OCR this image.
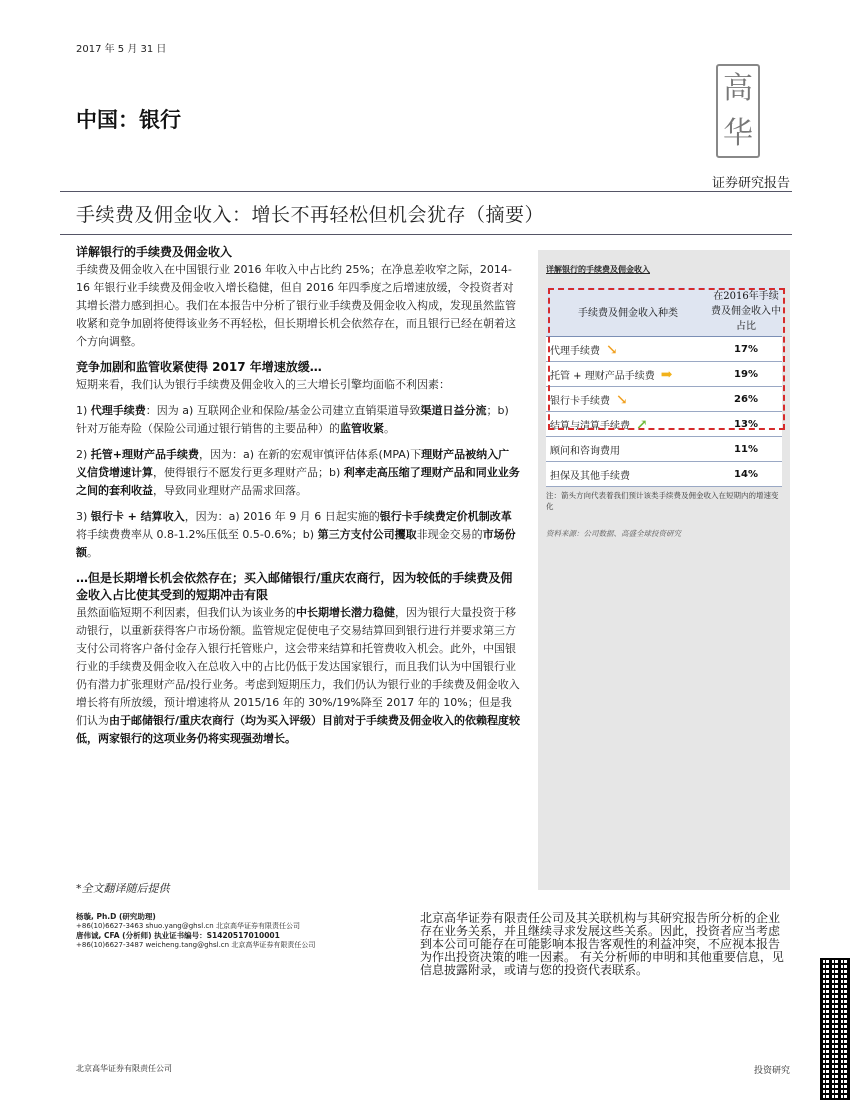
2017 年 5 月 31 日
高
华
中国：银行
证券研究报告
手续费及佣金收入：增长不再轻松但机会犹存（摘要）
详解银行的手续费及佣金收入

手续费及佣金收入在中国银行业 2016 年收入中占比约 25%；在净息差收窄之际，2014-16 年银行业手续费及佣金收入增长稳健，但自 2016 年四季度之后增速放缓，令投资者对其增长潜力感到担心。我们在本报告中分析了银行业手续费及佣金收入构成，发现虽然监管收紧和竞争加剧将使得该业务不再轻松，但长期增长机会依然存在，而且银行已经在朝着这个方向调整。

竞争加剧和监管收紧使得 2017 年增速放缓…

短期来看，我们认为银行手续费及佣金收入的三大增长引擎均面临不利因素：

1) 代理手续费：因为 a) 互联网企业和保险/基金公司建立直销渠道导致渠道日益分流；b) 针对万能寿险（保险公司通过银行销售的主要品种）的监管收紧。

2) 托管+理财产品手续费，因为：a) 在新的宏观审慎评估体系(MPA)下理财产品被纳入广义信贷增速计算，使得银行不愿发行更多理财产品；b) 利率走高压缩了理财产品和同业业务之间的套利收益，导致同业理财产品需求回落。

3) 银行卡 + 结算收入，因为：a) 2016 年 9 月 6 日起实施的银行卡手续费定价机制改革将手续费费率从 0.8-1.2%压低至 0.5-0.6%；b) 第三方支付公司攫取非现金交易的市场份额。

…但是长期增长机会依然存在；买入邮储银行/重庆农商行，因为较低的手续费及佣金收入占比使其受到的短期冲击有限

虽然面临短期不利因素，但我们认为该业务的中长期增长潜力稳健，因为银行大量投资于移动银行，以重新获得客户市场份额。监管规定促使电子交易结算回到银行进行并要求第三方支付公司将客户备付金存入银行托管账户，这会带来结算和托管费收入机会。此外，中国银行业的手续费及佣金收入在总收入中的占比仍低于发达国家银行，而且我们认为中国银行业仍有潜力扩张理财产品/投行业务。考虑到短期压力，我们仍认为银行业的手续费及佣金收入增长将有所放缓，预计增速将从 2015/16 年的 30%/19%降至 2017 年的 10%；但是我们认为由于邮储银行/重庆农商行（均为买入评级）目前对于手续费及佣金收入的依赖程度较低，两家银行的这项业务仍将实现强劲增长。

详解银行的手续费及佣金收入
手续费及佣金收入种类	在2016年手续费及佣金收入中占比
代理手续费 ↘	17%
托管 + 理财产品手续费 ➡	19%
银行卡手续费 ↘	26%
结算与清算手续费 ↗	13%
顾问和咨询费用	11%
担保及其他手续费	14%
注：箭头方向代表着我们预计该类手续费及佣金收入在短期内的增速变化
资料来源：公司数据、高盛全球投资研究
*全文翻译随后提供
杨璇, Ph.D (研究助理)
+86(10)6627-3463 shuo.yang@ghsl.cn 北京高华证券有限责任公司
唐伟诚, CFA (分析师) 执业证书编号：S1420517010001
+86(10)6627-3487 weicheng.tang@ghsl.cn 北京高华证券有限责任公司
北京高华证券有限责任公司及其关联机构与其研究报告所分析的企业存在业务关系，并且继续寻求发展这些关系。因此，投资者应当考虑到本公司可能存在可能影响本报告客观性的利益冲突，不应视本报告为作出投资决策的唯一因素。 有关分析师的申明和其他重要信息，见信息披露附录，或请与您的投资代表联系。
北京高华证券有限责任公司	投资研究
